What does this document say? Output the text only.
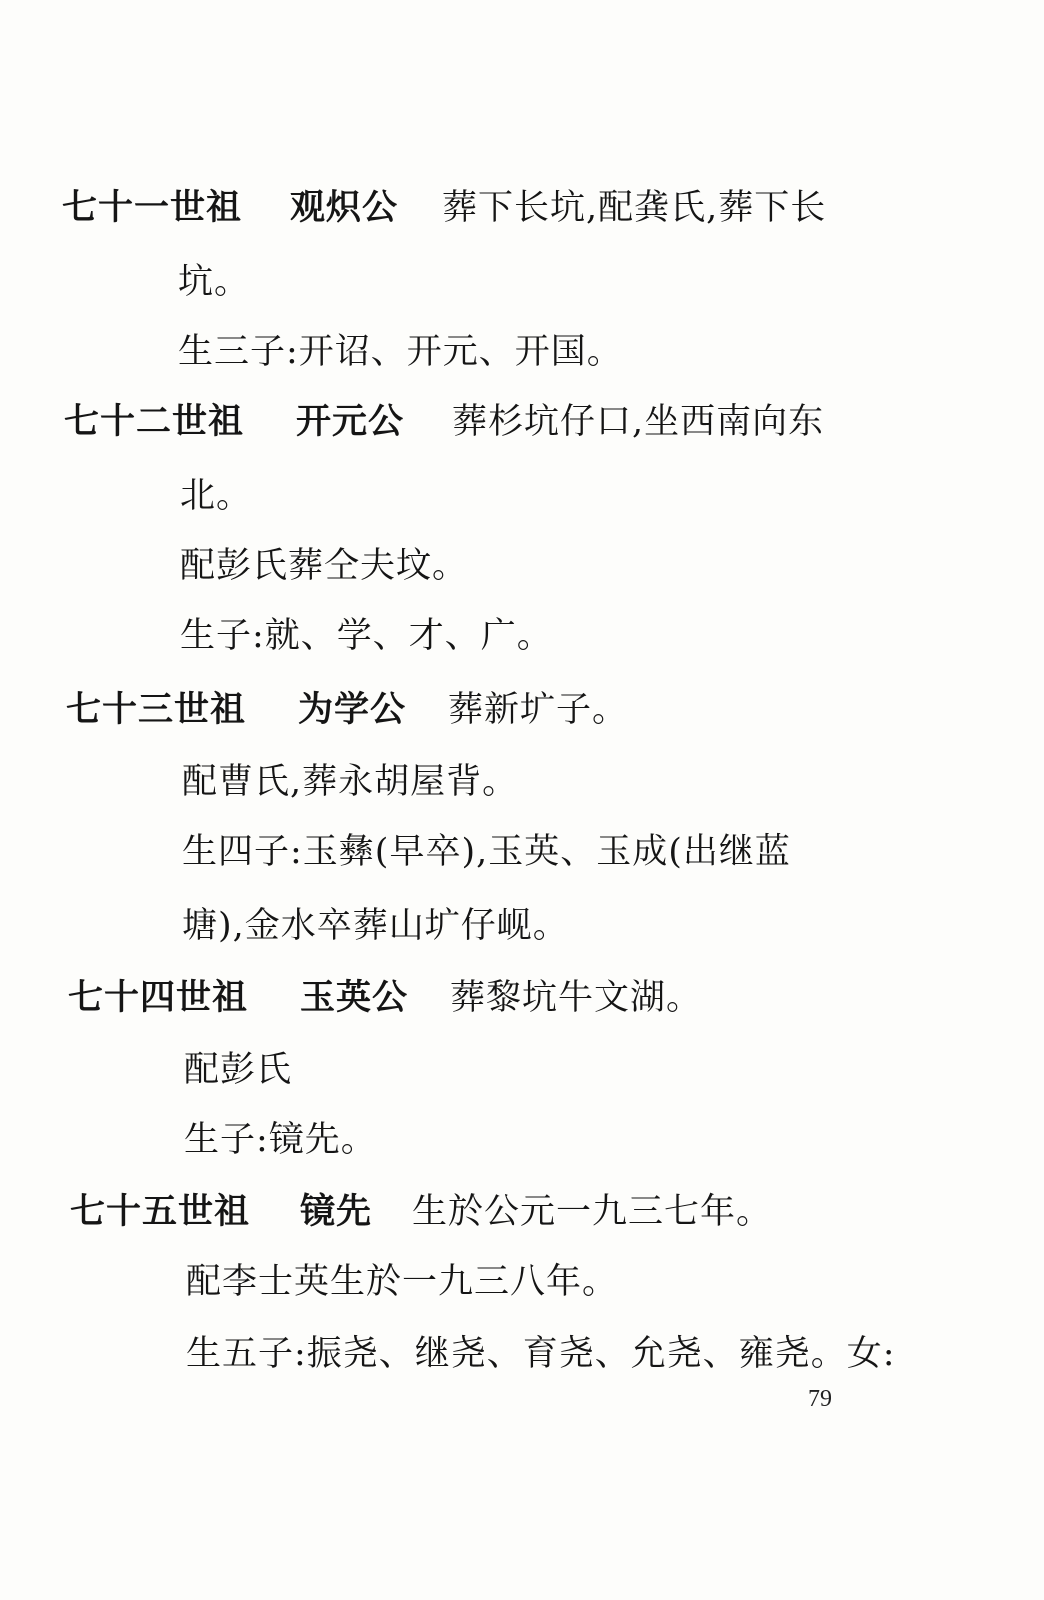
七十一世祖 观炽公 葬下长坑,配龚氏,葬下长
坑。
生三子:开诏、开元、开国。
七十二世祖 开元公 葬杉坑仔口,坐西南向东
北。
配彭氏葬仝夫坟。
生子:就、学、才、广。
七十三世祖 为学公 葬新圹子。
配曹氏,葬永胡屋背。
生四子:玉彝(早卒),玉英、玉成(出继蓝
塘),金水卒葬山圹仔岘。
七十四世祖 玉英公 葬黎坑牛文湖。
配彭氏
生子:镜先。
七十五世祖 镜先 生於公元一九三七年。
配李士英生於一九三八年。
生五子:振尧、继尧、育尧、允尧、雍尧。女:
79
